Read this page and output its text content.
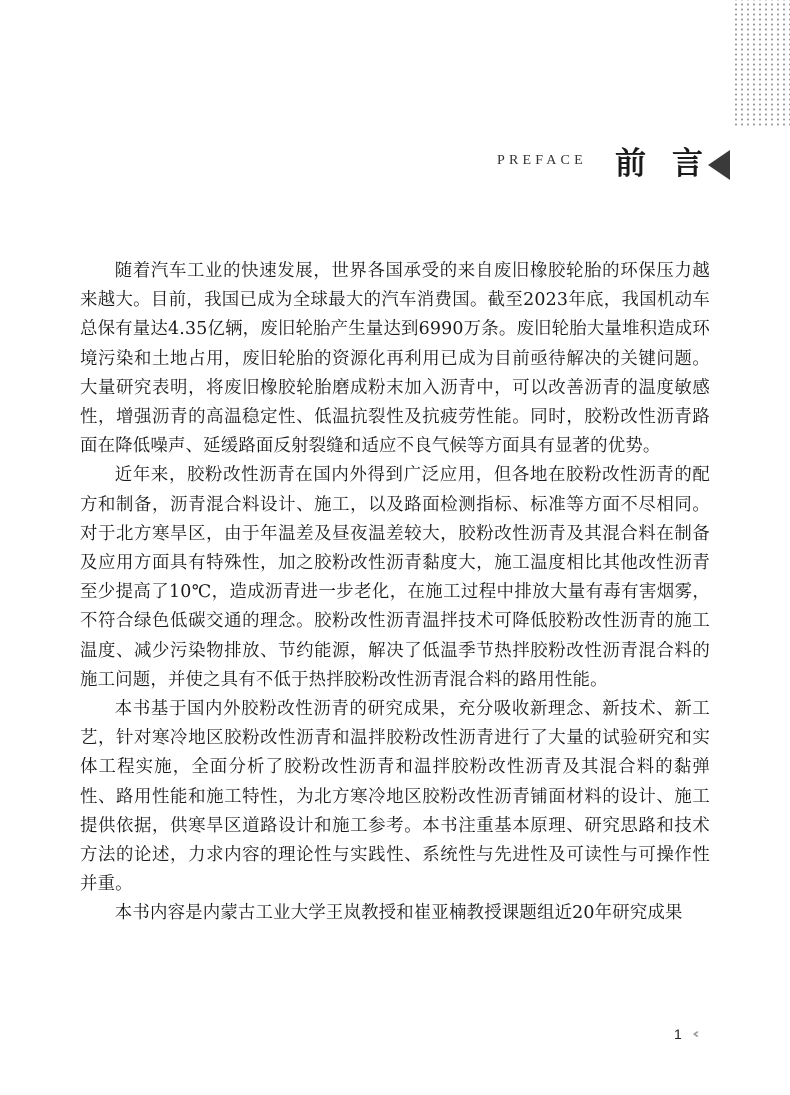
PREFACE 前言

随着汽车工业的快速发展，世界各国承受的来自废旧橡胶轮胎的环保压力越来越大。目前，我国已成为全球最大的汽车消费国。截至2023年底，我国机动车总保有量达4.35亿辆，废旧轮胎产生量达到6990万条。废旧轮胎大量堆积造成环境污染和土地占用，废旧轮胎的资源化再利用已成为目前亟待解决的关键问题。大量研究表明，将废旧橡胶轮胎磨成粉末加入沥青中，可以改善沥青的温度敏感性，增强沥青的高温稳定性、低温抗裂性及抗疲劳性能。同时，胶粉改性沥青路面在降低噪声、延缓路面反射裂缝和适应不良气候等方面具有显著的优势。

近年来，胶粉改性沥青在国内外得到广泛应用，但各地在胶粉改性沥青的配方和制备，沥青混合料设计、施工，以及路面检测指标、标准等方面不尽相同。对于北方寒旱区，由于年温差及昼夜温差较大，胶粉改性沥青及其混合料在制备及应用方面具有特殊性，加之胶粉改性沥青黏度大，施工温度相比其他改性沥青至少提高了10℃，造成沥青进一步老化，在施工过程中排放大量有毒有害烟雾，不符合绿色低碳交通的理念。胶粉改性沥青温拌技术可降低胶粉改性沥青的施工温度、减少污染物排放、节约能源，解决了低温季节热拌胶粉改性沥青混合料的施工问题，并使之具有不低于热拌胶粉改性沥青混合料的路用性能。

本书基于国内外胶粉改性沥青的研究成果，充分吸收新理念、新技术、新工艺，针对寒冷地区胶粉改性沥青和温拌胶粉改性沥青进行了大量的试验研究和实体工程实施，全面分析了胶粉改性沥青和温拌胶粉改性沥青及其混合料的黏弹性、路用性能和施工特性，为北方寒冷地区胶粉改性沥青铺面材料的设计、施工提供依据，供寒旱区道路设计和施工参考。本书注重基本原理、研究思路和技术方法的论述，力求内容的理论性与实践性、系统性与先进性及可读性与可操作性并重。

本书内容是内蒙古工业大学王岚教授和崔亚楠教授课题组近20年研究成果

1
